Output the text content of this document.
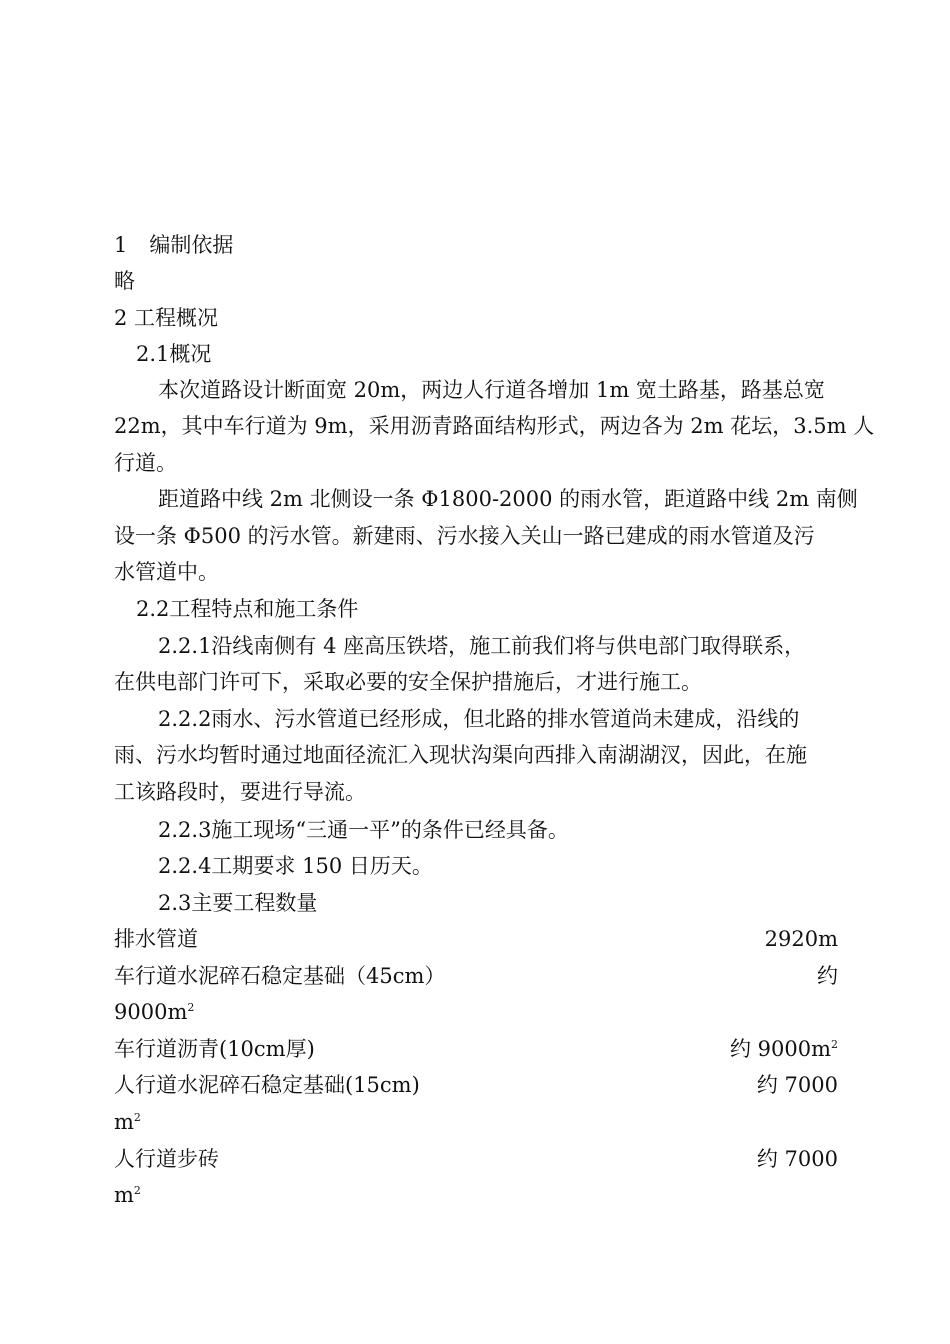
1 编制依据
略
2 工程概况
2.1概况
本次道路设计断面宽 20m，两边人行道各增加 1m 宽土路基，路基总宽
22m，其中车行道为 9m，采用沥青路面结构形式，两边各为 2m 花坛，3.5m 人
行道。
距道路中线 2m 北侧设一条 Φ1800-2000 的雨水管，距道路中线 2m 南侧
设一条 Φ500 的污水管。新建雨、污水接入关山一路已建成的雨水管道及污
水管道中。
2.2工程特点和施工条件
2.2.1沿线南侧有 4 座高压铁塔，施工前我们将与供电部门取得联系，
在供电部门许可下，采取必要的安全保护措施后，才进行施工。
2.2.2雨水、污水管道已经形成，但北路的排水管道尚未建成，沿线的
雨、污水均暂时通过地面径流汇入现状沟渠向西排入南湖湖汊，因此，在施
工该路段时，要进行导流。
2.2.3施工现场“三通一平”的条件已经具备。
2.2.4工期要求 150 日历天。
2.3主要工程数量
排水管道	2920m
车行道水泥碎石稳定基础（45cm）	约
$9000m^2$
车行道沥青(10cm厚)	约 $9000m^2$
人行道水泥碎石稳定基础(15cm)	约 7000
$m^2$
人行道步砖	约 7000
$m^2$
